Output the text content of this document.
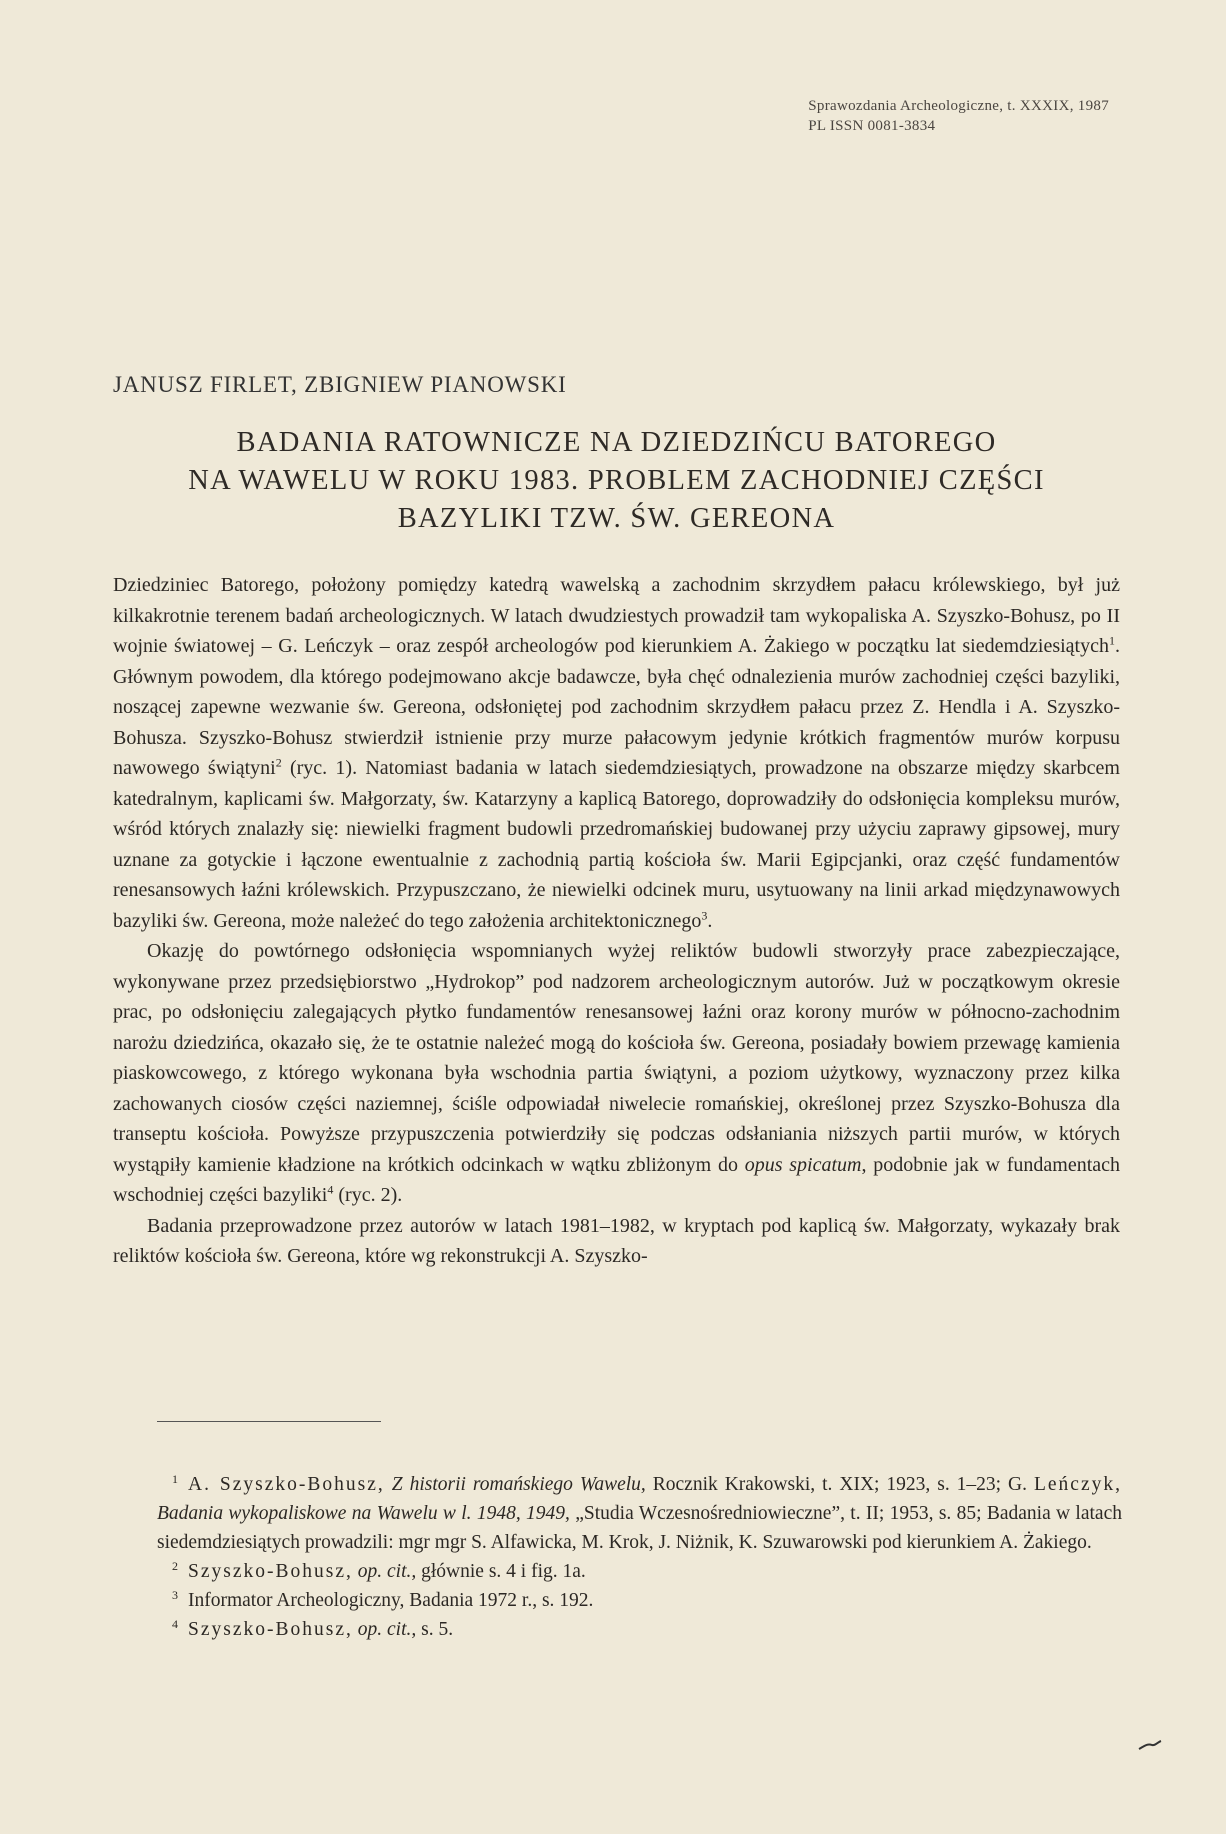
Sprawozdania Archeologiczne, t. XXXIX, 1987
PL ISSN 0081-3834
JANUSZ FIRLET, ZBIGNIEW PIANOWSKI
BADANIA RATOWNICZE NA DZIEDZIŃCU BATOREGO
NA WAWELU W ROKU 1983. PROBLEM ZACHODNIEJ CZĘŚCI
BAZYLIKI TZW. ŚW. GEREONA

Dziedziniec Batorego, położony pomiędzy katedrą wawelską a zachodnim skrzydłem pałacu królewskiego, był już kilkakrotnie terenem badań archeologicznych. W latach dwudziestych prowadził tam wykopaliska A. Szyszko-Bohusz, po II wojnie światowej – G. Leńczyk – oraz zespół archeologów pod kierunkiem A. Żakiego w początku lat siedemdziesiątych$^1$. Głównym powodem, dla którego podejmowano akcje badawcze, była chęć odnalezienia murów zachodniej części bazyliki, noszącej zapewne wezwanie św. Gereona, odsłoniętej pod zachodnim skrzydłem pałacu przez Z. Hendla i A. Szyszko-Bohusza. Szyszko-Bohusz stwierdził istnienie przy murze pałacowym jedynie krótkich fragmentów murów korpusu nawowego świątyni$^2$ (ryc. 1). Natomiast badania w latach siedemdziesiątych, prowadzone na obszarze między skarbcem katedralnym, kaplicami św. Małgorzaty, św. Katarzyny a kaplicą Batorego, doprowadziły do odsłonięcia kompleksu murów, wśród których znalazły się: niewielki fragment budowli przedromańskiej budowanej przy użyciu zaprawy gipsowej, mury uznane za gotyckie i łączone ewentualnie z zachodnią partią kościoła św. Marii Egipcjanki, oraz część fundamentów renesansowych łaźni królewskich. Przypuszczano, że niewielki odcinek muru, usytuowany na linii arkad międzynawowych bazyliki św. Gereona, może należeć do tego założenia architektonicznego$^3$.

Okazję do powtórnego odsłonięcia wspomnianych wyżej reliktów budowli stworzyły prace zabezpieczające, wykonywane przez przedsiębiorstwo „Hydrokop” pod nadzorem archeologicznym autorów. Już w początkowym okresie prac, po odsłonięciu zalegających płytko fundamentów renesansowej łaźni oraz korony murów w północno-zachodnim narożu dziedzińca, okazało się, że te ostatnie należeć mogą do kościoła św. Gereona, posiadały bowiem przewagę kamienia piaskowcowego, z którego wykonana była wschodnia partia świątyni, a poziom użytkowy, wyznaczony przez kilka zachowanych ciosów części naziemnej, ściśle odpowiadał niwelecie romańskiej, określonej przez Szyszko-Bohusza dla transeptu kościoła. Powyższe przypuszczenia potwierdziły się podczas odsłaniania niższych partii murów, w których wystąpiły kamienie kładzione na krótkich odcinkach w wątku zbliżonym do opus spicatum, podobnie jak w fundamentach wschodniej części bazyliki$^4$ (ryc. 2).

Badania przeprowadzone przez autorów w latach 1981–1982, w kryptach pod kaplicą św. Małgorzaty, wykazały brak reliktów kościoła św. Gereona, które wg rekonstrukcji A. Szyszko-

$^1$ A. Szyszko-Bohusz, Z historii romańskiego Wawelu, Rocznik Krakowski, t. XIX; 1923, s. 1–23; G. Leńczyk, Badania wykopaliskowe na Wawelu w l. 1948, 1949, „Studia Wczesnośredniowieczne”, t. II; 1953, s. 85; Badania w latach siedemdziesiątych prowadzili: mgr mgr S. Alfawicka, M. Krok, J. Niżnik, K. Szuwarowski pod kierunkiem A. Żakiego.

$^2$ Szyszko-Bohusz, op. cit., głównie s. 4 i fig. 1a.

$^3$ Informator Archeologiczny, Badania 1972 r., s. 192.

$^4$ Szyszko-Bohusz, op. cit., s. 5.
